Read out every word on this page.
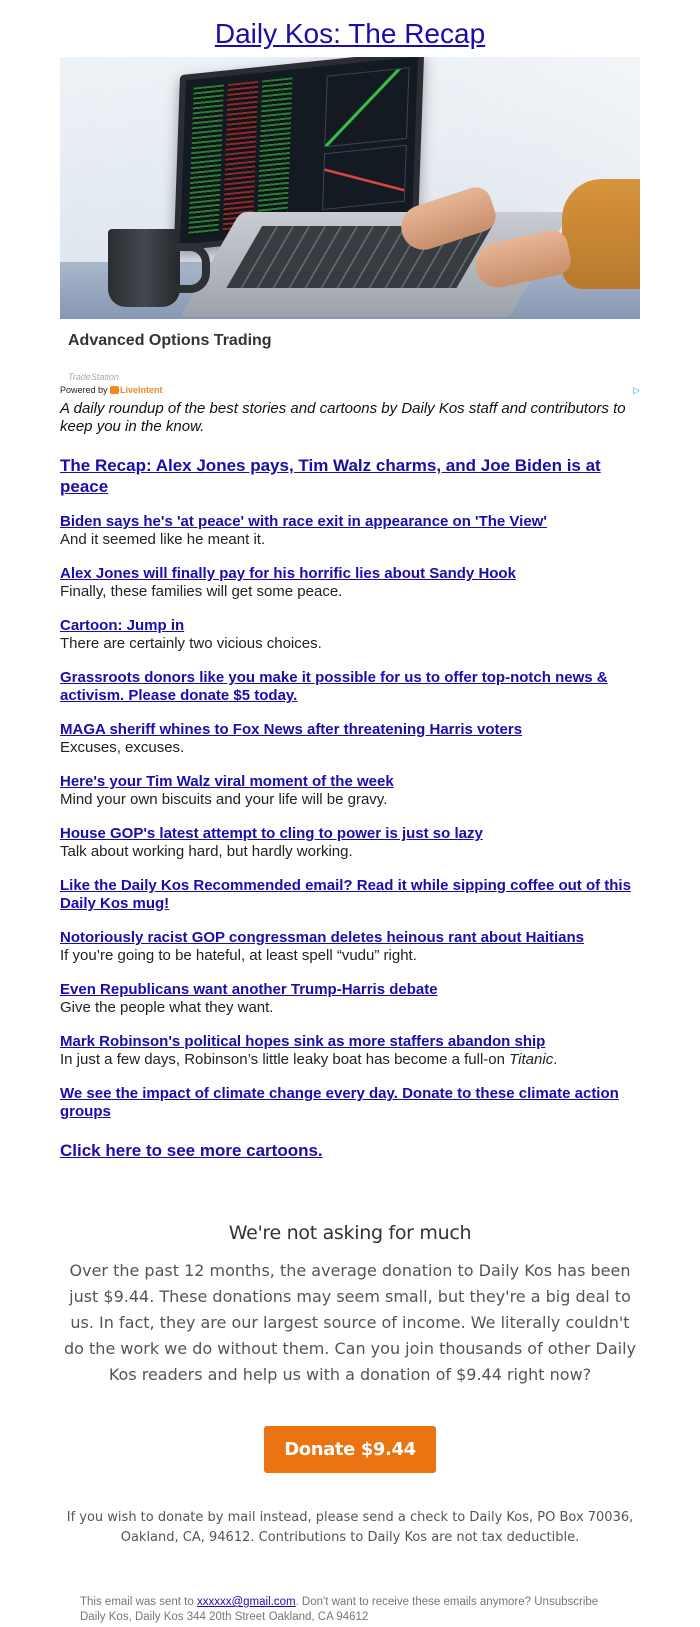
Daily Kos: The Recap
Advanced Options Trading
TradeStation
Powered by LiveIntent	▷
A daily roundup of the best stories and cartoons by Daily Kos staff and contributors to keep you in the know.
The Recap: Alex Jones pays, Tim Walz charms, and Joe Biden is at peace
Biden says he's 'at peace' with race exit in appearance on 'The View'
And it seemed like he meant it.
Alex Jones will finally pay for his horrific lies about Sandy Hook
Finally, these families will get some peace.
Cartoon: Jump in
There are certainly two vicious choices.
Grassroots donors like you make it possible for us to offer top-notch news & activism. Please donate $5 today.
MAGA sheriff whines to Fox News after threatening Harris voters
Excuses, excuses.
Here's your Tim Walz viral moment of the week
Mind your own biscuits and your life will be gravy.
House GOP's latest attempt to cling to power is just so lazy
Talk about working hard, but hardly working.
Like the Daily Kos Recommended email? Read it while sipping coffee out of this Daily Kos mug!
Notoriously racist GOP congressman deletes heinous rant about Haitians
If you’re going to be hateful, at least spell “vudu” right.
Even Republicans want another Trump-Harris debate
Give the people what they want.
Mark Robinson's political hopes sink as more staffers abandon ship
In just a few days, Robinson’s little leaky boat has become a full-on Titanic.
We see the impact of climate change every day. Donate to these climate action groups
Click here to see more cartoons.
We're not asking for much
Over the past 12 months, the average donation to Daily Kos has been just $9.44. These donations may seem small, but they're a big deal to us. In fact, they are our largest source of income. We literally couldn't do the work we do without them. Can you join thousands of other Daily Kos readers and help us with a donation of $9.44 right now?
Donate $9.44
If you wish to donate by mail instead, please send a check to Daily Kos, PO Box 70036, Oakland, CA, 94612. Contributions to Daily Kos are not tax deductible.
This email was sent to xxxxxx@gmail.com. Don't want to receive these emails anymore? Unsubscribe
Daily Kos, Daily Kos 344 20th Street Oakland, CA 94612
